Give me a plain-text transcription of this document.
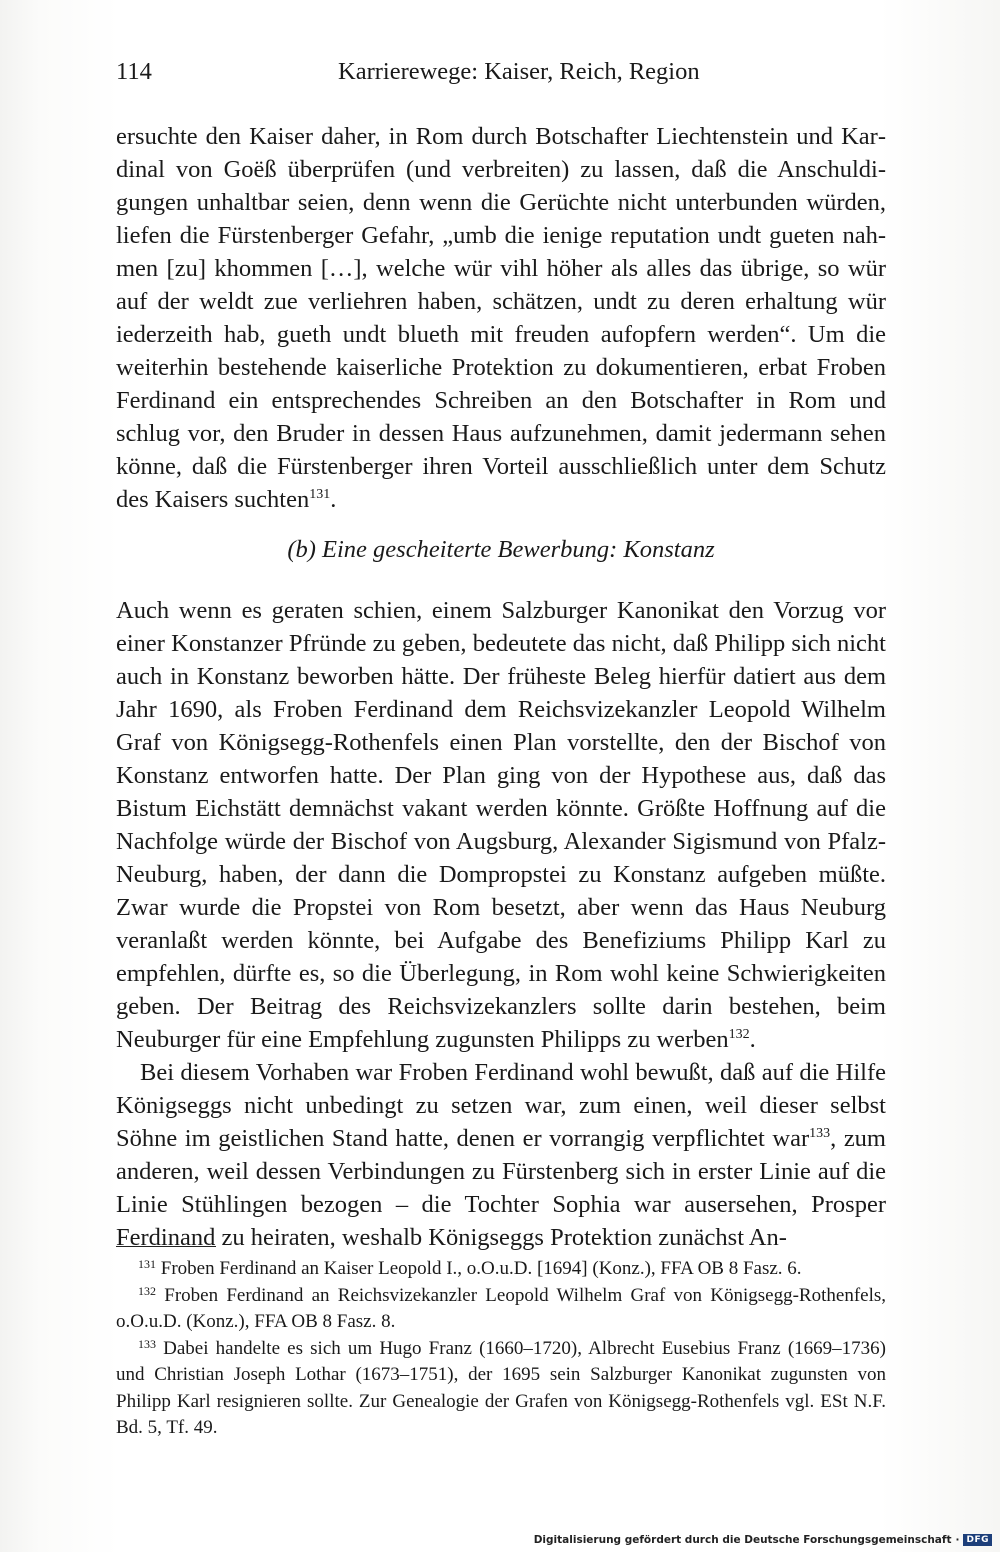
114	Karrierewege: Kaiser, Reich, Region

ersuchte den Kaiser daher, in Rom durch Botschafter Liechtenstein und Kardinal von Goëß überprüfen (und verbreiten) zu lassen, daß die Anschuldigungen unhaltbar seien, denn wenn die Gerüchte nicht unterbunden würden, liefen die Fürstenberger Gefahr, „umb die ienige reputation undt gueten nahmen [zu] khommen […], welche wür vihl höher als alles das übrige, so wür auf der weldt zue verliehren haben, schätzen, undt zu deren erhaltung wür iederzeith hab, gueth undt blueth mit freuden aufopfern werden“. Um die weiterhin bestehende kaiserliche Protektion zu dokumentieren, erbat Froben Ferdinand ein entsprechendes Schreiben an den Botschafter in Rom und schlug vor, den Bruder in dessen Haus aufzunehmen, damit jedermann sehen könne, daß die Fürstenberger ihren Vorteil ausschließlich unter dem Schutz des Kaisers suchten$^{131}$.

(b) Eine gescheiterte Bewerbung: Konstanz

Auch wenn es geraten schien, einem Salzburger Kanonikat den Vorzug vor einer Konstanzer Pfründe zu geben, bedeutete das nicht, daß Philipp sich nicht auch in Konstanz beworben hätte. Der früheste Beleg hierfür datiert aus dem Jahr 1690, als Froben Ferdinand dem Reichsvizekanzler Leopold Wilhelm Graf von Königsegg-Rothenfels einen Plan vorstellte, den der Bischof von Konstanz entworfen hatte. Der Plan ging von der Hypothese aus, daß das Bistum Eichstätt demnächst vakant werden könnte. Größte Hoffnung auf die Nachfolge würde der Bischof von Augsburg, Alexander Sigismund von Pfalz-Neuburg, haben, der dann die Dompropstei zu Konstanz aufgeben müßte. Zwar wurde die Propstei von Rom besetzt, aber wenn das Haus Neuburg veranlaßt werden könnte, bei Aufgabe des Benefiziums Philipp Karl zu empfehlen, dürfte es, so die Überlegung, in Rom wohl keine Schwierigkeiten geben. Der Beitrag des Reichsvizekanzlers sollte darin bestehen, beim Neuburger für eine Empfehlung zugunsten Philipps zu werben$^{132}$.

Bei diesem Vorhaben war Froben Ferdinand wohl bewußt, daß auf die Hilfe Königseggs nicht unbedingt zu setzen war, zum einen, weil dieser selbst Söhne im geistlichen Stand hatte, denen er vorrangig verpflichtet war$^{133}$, zum anderen, weil dessen Verbindungen zu Fürstenberg sich in erster Linie auf die Linie Stühlingen bezogen – die Tochter Sophia war ausersehen, Prosper Ferdinand zu heiraten, weshalb Königseggs Protektion zunächst An-

$^{131}$ Froben Ferdinand an Kaiser Leopold I., o.O.u.D. [1694] (Konz.), FFA OB 8 Fasz. 6.

$^{132}$ Froben Ferdinand an Reichsvizekanzler Leopold Wilhelm Graf von Königsegg-Rothenfels, o.O.u.D. (Konz.), FFA OB 8 Fasz. 8.

$^{133}$ Dabei handelte es sich um Hugo Franz (1660–1720), Albrecht Eusebius Franz (1669–1736) und Christian Joseph Lothar (1673–1751), der 1695 sein Salzburger Kanonikat zugunsten von Philipp Karl resignieren sollte. Zur Genealogie der Grafen von Königsegg-Rothenfels vgl. ESt N.F. Bd. 5, Tf. 49.

Digitalisierung gefördert durch die Deutsche Forschungsgemeinschaft · DFG
